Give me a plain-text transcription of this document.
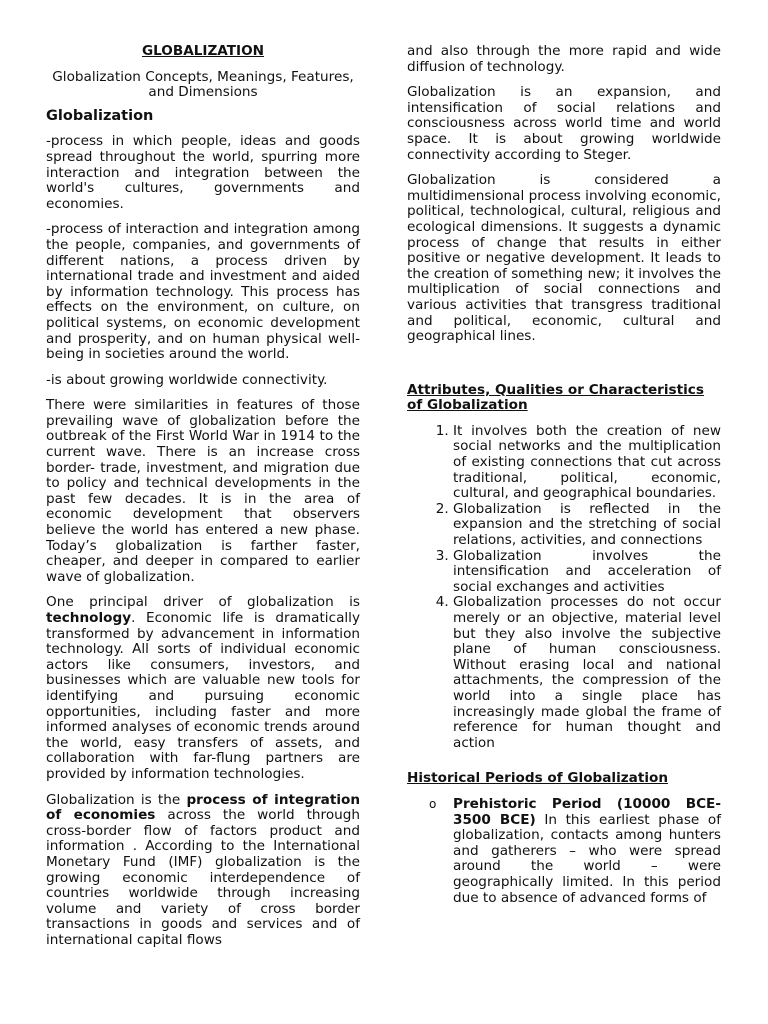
GLOBALIZATION
Globalization Concepts, Meanings, Features, and Dimensions
Globalization

-process in which people, ideas and goods spread throughout the world, spurring more interaction and integration between the world's cultures, governments and economies.

-process of interaction and integration among the people, companies, and governments of different nations, a process driven by international trade and investment and aided by information technology. This process has effects on the environment, on culture, on political systems, on economic development and prosperity, and on human physical well-being in societies around the world.

-is about growing worldwide connectivity.

There were similarities in features of those prevailing wave of globalization before the outbreak of the First World War in 1914 to the current wave. There is an increase cross border- trade, investment, and migration due to policy and technical developments in the past few decades. It is in the area of economic development that observers believe the world has entered a new phase. Today’s globalization is farther faster, cheaper, and deeper in compared to earlier wave of globalization.

One principal driver of globalization is technology. Economic life is dramatically transformed by advancement in information technology. All sorts of individual economic actors like consumers, investors, and businesses which are valuable new tools for identifying and pursuing economic opportunities, including faster and more informed analyses of economic trends around the world, easy transfers of assets, and collaboration with far-flung partners are provided by information technologies.

Globalization is the process of integration of economies across the world through cross-border flow of factors product and information . According to the International Monetary Fund (IMF) globalization is the growing economic interdependence of countries worldwide through increasing volume and variety of cross border transactions in goods and services and of international capital flows

and also through the more rapid and wide diffusion of technology.

Globalization is an expansion, and intensification of social relations and consciousness across world time and world space. It is about growing worldwide connectivity according to Steger.

Globalization is considered a multidimensional process involving economic, political, technological, cultural, religious and ecological dimensions. It suggests a dynamic process of change that results in either positive or negative development. It leads to the creation of something new; it involves the multiplication of social connections and various activities that transgress traditional and political, economic, cultural and geographical lines.

Attributes, Qualities or Characteristics of Globalization
1. It involves both the creation of new social networks and the multiplication of existing connections that cut across traditional, political, economic, cultural, and geographical boundaries.
2. Globalization is reflected in the expansion and the stretching of social relations, activities, and connections
3. Globalization involves the intensification and acceleration of social exchanges and activities
4. Globalization processes do not occur merely or an objective, material level but they also involve the subjective plane of human consciousness. Without erasing local and national attachments, the compression of the world into a single place has increasingly made global the frame of reference for human thought and action
Historical Periods of Globalization
o Prehistoric Period (10000 BCE-3500 BCE) In this earliest phase of globalization, contacts among hunters and gatherers – who were spread around the world – were geographically limited. In this period due to absence of advanced forms of
